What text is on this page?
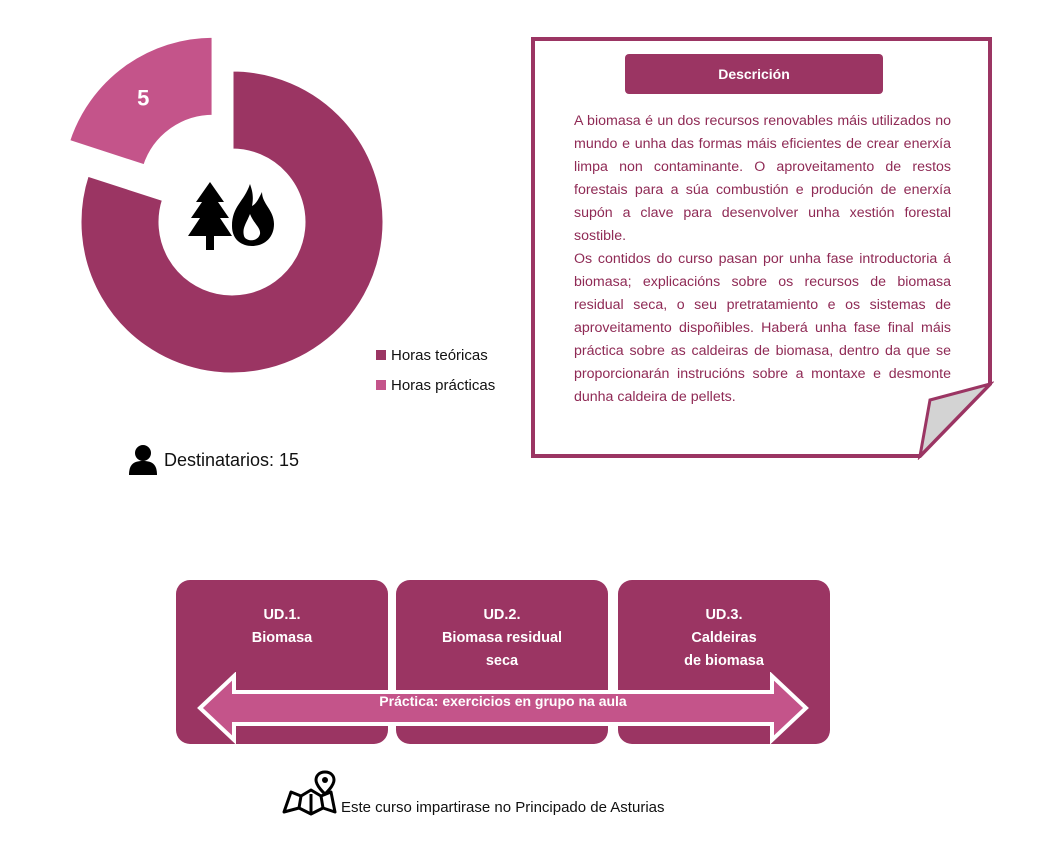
20
5
Horas teóricas
Horas prácticas
Destinatarios: 15
Descrición

A biomasa é un dos recursos renovables máis utilizados no mundo e unha das formas máis eficientes de crear enerxía limpa non contaminante. O aproveitamento de restos forestais para a súa combustión e produción de enerxía supón a clave para desenvolver unha xestión forestal sostible.

Os contidos do curso pasan por unha fase introductoria á biomasa; explicacións sobre os recursos de biomasa residual seca, o seu pretratamiento e os sistemas de aproveitamento dispoñibles. Haberá unha fase final máis práctica sobre as caldeiras de biomasa, dentro da que se proporcionarán instrucións sobre a montaxe e desmonte dunha caldeira de pellets.

UD.1.
Biomasa
UD.2.
Biomasa residual
seca
UD.3.
Caldeiras
de biomasa
Práctica: exercicios en grupo na aula
Este curso impartirase no Principado de Asturias
